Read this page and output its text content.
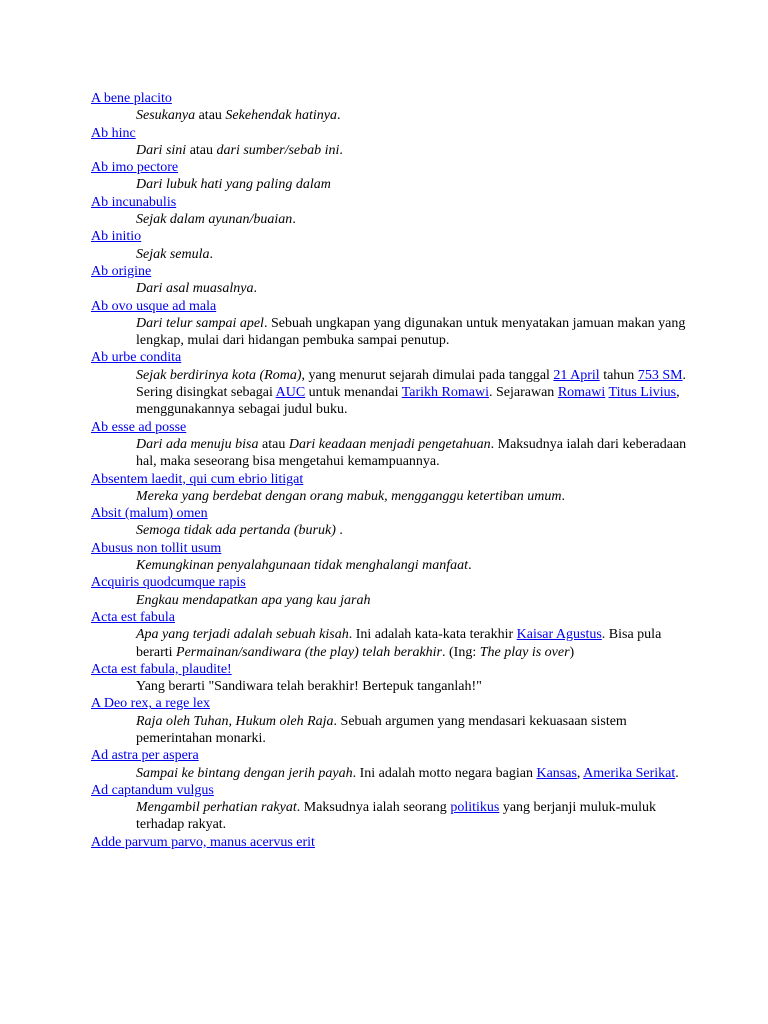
A bene placito
Sesukanya atau Sekehendak hatinya.
Ab hinc
Dari sini atau dari sumber/sebab ini.
Ab imo pectore
Dari lubuk hati yang paling dalam
Ab incunabulis
Sejak dalam ayunan/buaian.
Ab initio
Sejak semula.
Ab origine
Dari asal muasalnya.
Ab ovo usque ad mala
Dari telur sampai apel. Sebuah ungkapan yang digunakan untuk menyatakan jamuan makan yang lengkap, mulai dari hidangan pembuka sampai penutup.
Ab urbe condita
Sejak berdirinya kota (Roma), yang menurut sejarah dimulai pada tanggal 21 April tahun 753 SM. Sering disingkat sebagai AUC untuk menandai Tarikh Romawi. Sejarawan Romawi Titus Livius, menggunakannya sebagai judul buku.
Ab esse ad posse
Dari ada menuju bisa atau Dari keadaan menjadi pengetahuan. Maksudnya ialah dari keberadaan hal, maka seseorang bisa mengetahui kemampuannya.
Absentem laedit, qui cum ebrio litigat
Mereka yang berdebat dengan orang mabuk, mengganggu ketertiban umum.
Absit (malum) omen
Semoga tidak ada pertanda (buruk) .
Abusus non tollit usum
Kemungkinan penyalahgunaan tidak menghalangi manfaat.
Acquiris quodcumque rapis
Engkau mendapatkan apa yang kau jarah
Acta est fabula
Apa yang terjadi adalah sebuah kisah. Ini adalah kata-kata terakhir Kaisar Agustus. Bisa pula berarti Permainan/sandiwara (the play) telah berakhir. (Ing: The play is over)
Acta est fabula, plaudite!
Yang berarti "Sandiwara telah berakhir! Bertepuk tanganlah!"
A Deo rex, a rege lex
Raja oleh Tuhan, Hukum oleh Raja. Sebuah argumen yang mendasari kekuasaan sistem pemerintahan monarki.
Ad astra per aspera
Sampai ke bintang dengan jerih payah. Ini adalah motto negara bagian Kansas, Amerika Serikat.
Ad captandum vulgus
Mengambil perhatian rakyat. Maksudnya ialah seorang politikus yang berjanji muluk-muluk terhadap rakyat.
Adde parvum parvo, manus acervus erit
